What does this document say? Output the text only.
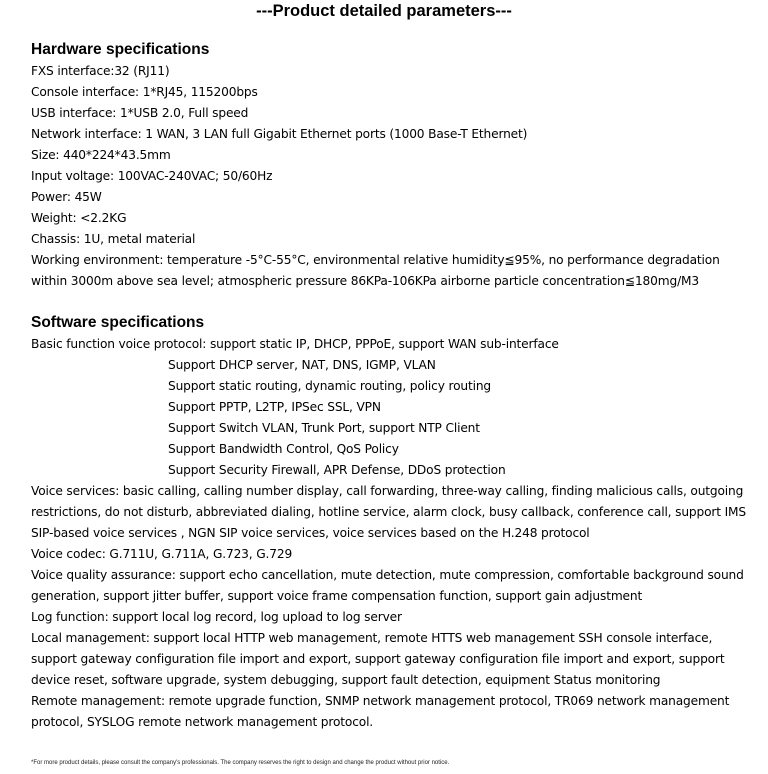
---Product detailed parameters---
Hardware specifications
FXS interface:32 (RJ11)
Console interface: 1*RJ45, 115200bps
USB interface: 1*USB 2.0, Full speed
Network interface: 1 WAN, 3 LAN full Gigabit Ethernet ports (1000 Base-T Ethernet)
Size: 440*224*43.5mm
Input voltage: 100VAC-240VAC; 50/60Hz
Power: 45W
Weight: <2.2KG
Chassis: 1U, metal material
Working environment: temperature -5°C-55°C, environmental relative humidity≦95%, no performance degradation
within 3000m above sea level; atmospheric pressure 86KPa-106KPa airborne particle concentration≦180mg/M3
Software specifications
Basic function voice protocol: support static IP, DHCP, PPPoE, support WAN sub-interface
Support DHCP server, NAT, DNS, IGMP, VLAN
Support static routing, dynamic routing, policy routing
Support PPTP, L2TP, IPSec SSL, VPN
Support Switch VLAN, Trunk Port, support NTP Client
Support Bandwidth Control, QoS Policy
Support Security Firewall, APR Defense, DDoS protection
Voice services: basic calling, calling number display, call forwarding, three-way calling, finding malicious calls, outgoing
restrictions, do not disturb, abbreviated dialing, hotline service, alarm clock, busy callback, conference call, support IMS
SIP-based voice services , NGN SIP voice services, voice services based on the H.248 protocol
Voice codec: G.711U, G.711A, G.723, G.729
Voice quality assurance: support echo cancellation, mute detection, mute compression, comfortable background sound
generation, support jitter buffer, support voice frame compensation function, support gain adjustment
Log function: support local log record, log upload to log server
Local management: support local HTTP web management, remote HTTS web management SSH console interface,
support gateway configuration file import and export, support gateway configuration file import and export, support
device reset, software upgrade, system debugging, support fault detection, equipment Status monitoring
Remote management: remote upgrade function, SNMP network management protocol, TR069 network management
protocol, SYSLOG remote network management protocol.
*For more product details, please consult the company's professionals. The company reserves the right to design and change the product without prior notice.
